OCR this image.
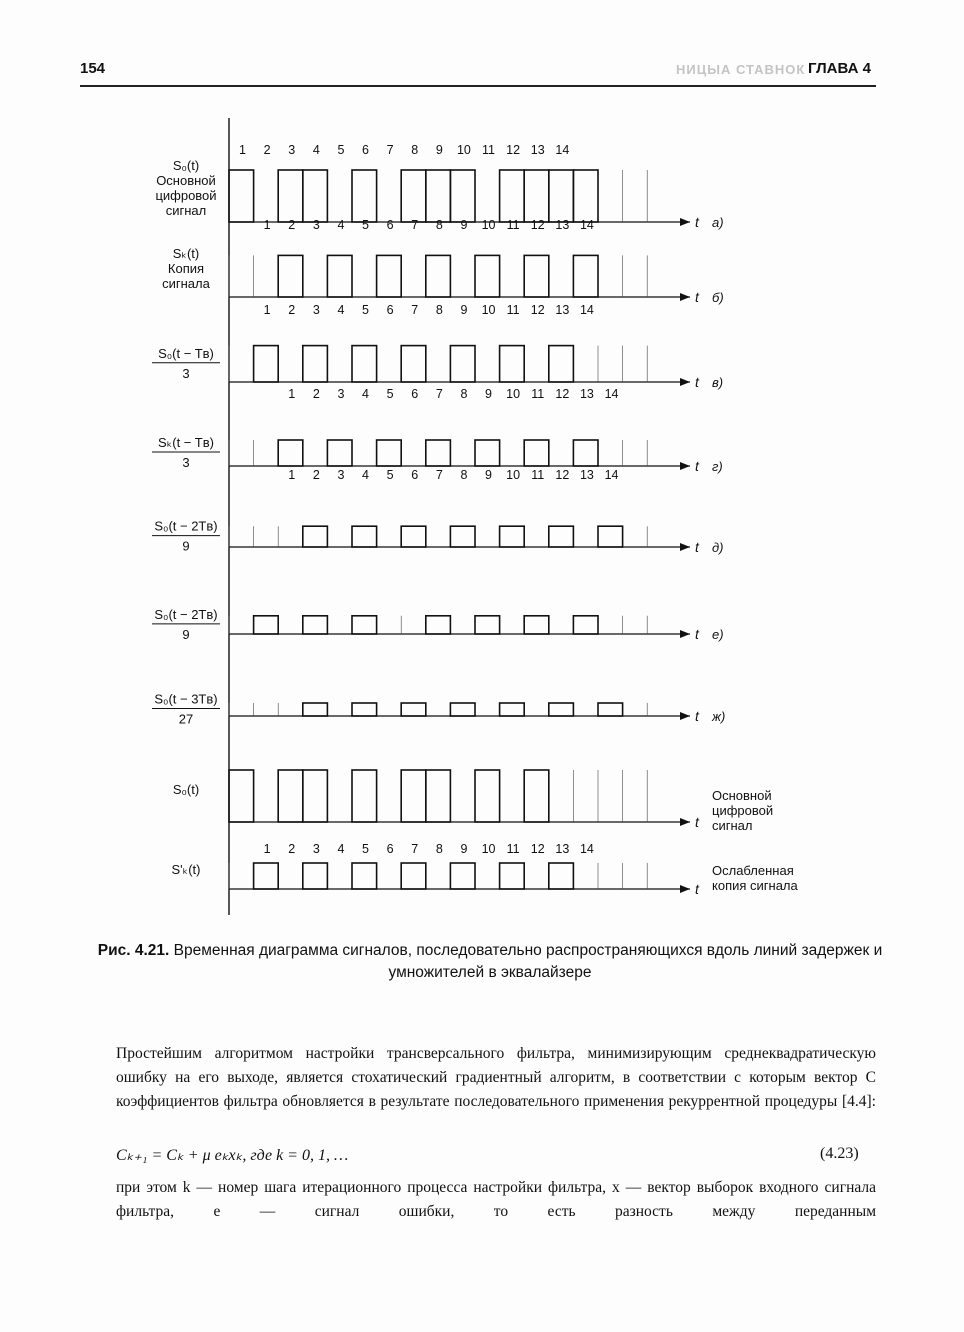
154	НИЦЫА СТАВНОК ГЛАВА 4
1 2 3 4 5 6 7 8 9 10 11 12 13 14
t а)
S₀(t)
Основной
цифровой
сигнал
1 2 3 4 5 6 7 8 9 10 11 12 13 14
t б)
Sₖ(t)
Копия
сигнала
1 2 3 4 5 6 7 8 9 10 11 12 13 14
t в)
S₀(t − Tв)
3
1 2 3 4 5 6 7 8 9 10 11 12 13 14
t г)
Sₖ(t − Tв)
3
1 2 3 4 5 6 7 8 9 10 11 12 13 14
t д)
S₀(t − 2Tв)
9
t е)
S₀(t − 2Tв)
9
t ж)
S₀(t − 3Tв)
27
t
S₀(t)	Основной
цифровой
сигнал
1 2 3 4 5 6 7 8 9 10 11 12 13 14
t
S'ₖ(t)	Ослабленная
копия сигнала
Рис. 4.21. Временная диаграмма сигналов, последовательно распространяющихся вдоль линий задержек и умножителей в эквалайзере
Простейшим алгоритмом настройки трансверсального фильтра, минимизирующим среднеквадратическую ошибку на его выходе, является стохатический градиентный алгоритм, в соответствии с которым вектор C коэффициентов фильтра обновляется в результате последовательного применения рекуррентной процедуры [4.4]:
Cₖ₊₁ = Cₖ + μ eₖxₖ, где k = 0, 1, …	(4.23)
при этом k — номер шага итерационного процесса настройки фильтра, x — вектор выборок входного сигнала фильтра, e — сигнал ошибки, то есть разность между переданным
